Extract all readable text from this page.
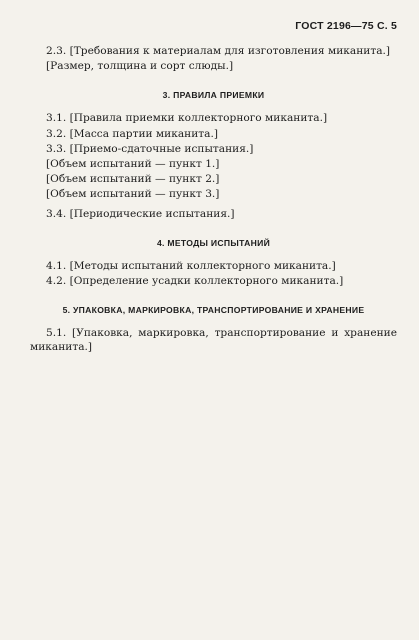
ГОСТ 2196—75 С. 5

2.3. [Требования к материалам для изготовления миканита.]

[Размер, толщина и сорт слюды.]

3. ПРАВИЛА ПРИЕМКИ

3.1. [Правила приемки коллекторного миканита.]

3.2. [Масса партии миканита.]

3.3. [Приемо-сдаточные испытания.]

[Объем испытаний — пункт 1.]

[Объем испытаний — пункт 2.]

[Объем испытаний — пункт 3.]

3.4. [Периодические испытания.]

4. МЕТОДЫ ИСПЫТАНИЙ

4.1. [Методы испытаний коллекторного миканита.]

4.2. [Определение усадки коллекторного миканита.]

5. УПАКОВКА, МАРКИРОВКА, ТРАНСПОРТИРОВАНИЕ И ХРАНЕНИЕ

5.1. [Упаковка, маркировка, транспортирование и хранение миканита.]
